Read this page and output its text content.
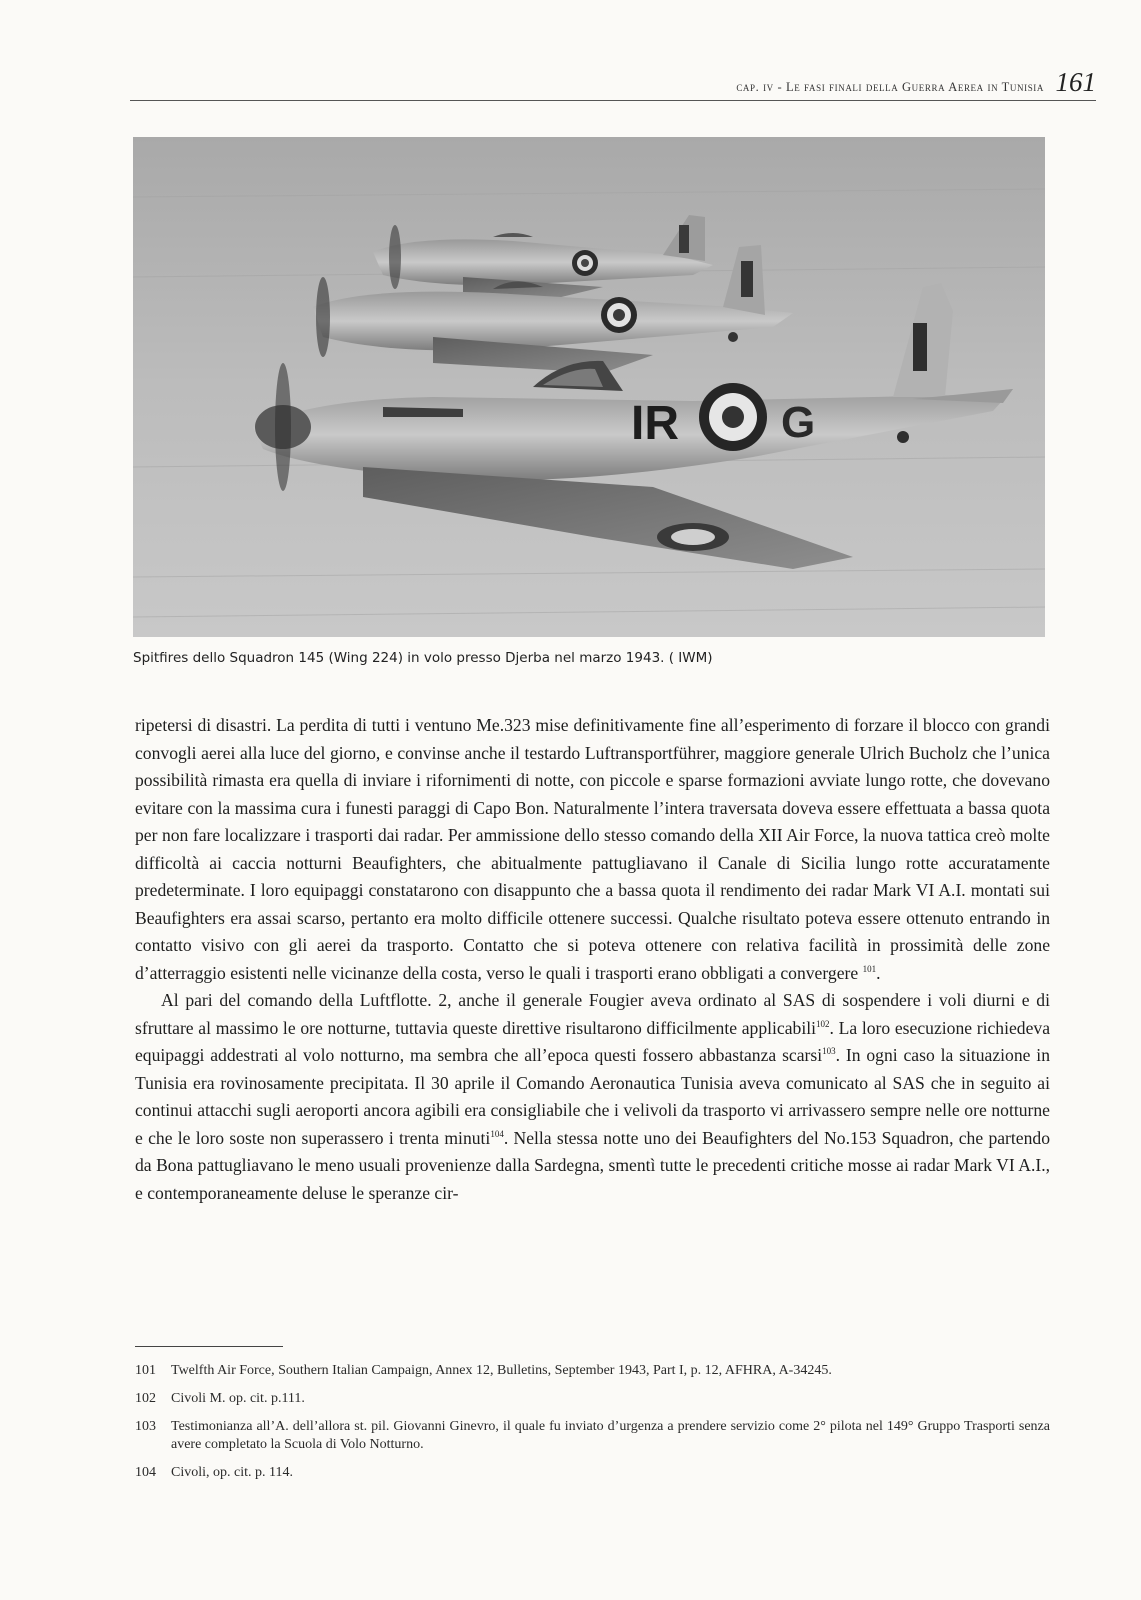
cap. iv - Le fasi finali della Guerra Aerea in Tunisia 161
IR G
Spitfires dello Squadron 145 (Wing 224) in volo presso Djerba nel marzo 1943. ( IWM)

ripetersi di disastri. La perdita di tutti i ventuno Me.323 mise definitivamente fine all’esperimento di forzare il blocco con grandi convogli aerei alla luce del giorno, e convinse anche il testardo Luftransportführer, maggiore generale Ulrich Bucholz che l’unica possibilità rimasta era quella di inviare i rifornimenti di notte, con piccole e sparse formazioni avviate lungo rotte, che dovevano evitare con la massima cura i funesti paraggi di Capo Bon. Naturalmente l’intera traversata doveva essere effettuata a bassa quota per non fare localizzare i trasporti dai radar. Per ammissione dello stesso comando della XII Air Force, la nuova tattica creò molte difficoltà ai caccia notturni Beaufighters, che abitualmente pattugliavano il Canale di Sicilia lungo rotte accuratamente predeterminate. I loro equipaggi constatarono con disappunto che a bassa quota il rendimento dei radar Mark VI A.I. montati sui Beaufighters era assai scarso, pertanto era molto difficile ottenere successi. Qualche risultato poteva essere ottenuto entrando in contatto visivo con gli aerei da trasporto. Contatto che si poteva ottenere con relativa facilità in prossimità delle zone d’atterraggio esistenti nelle vicinanze della costa, verso le quali i trasporti erano obbligati a convergere $^{101}$.

Al pari del comando della Luftflotte. 2, anche il generale Fougier aveva ordinato al SAS di sospendere i voli diurni e di sfruttare al massimo le ore notturne, tuttavia queste direttive risultarono difficilmente applicabili$^{102}$. La loro esecuzione richiedeva equipaggi addestrati al volo notturno, ma sembra che all’epoca questi fossero abbastanza scarsi$^{103}$. In ogni caso la situazione in Tunisia era rovinosamente precipitata. Il 30 aprile il Comando Aeronautica Tunisia aveva comunicato al SAS che in seguito ai continui attacchi sugli aeroporti ancora agibili era consigliabile che i velivoli da trasporto vi arrivassero sempre nelle ore notturne e che le loro soste non superassero i trenta minuti$^{104}$. Nella stessa notte uno dei Beaufighters del No.153 Squadron, che partendo da Bona pattugliavano le meno usuali provenienze dalla Sardegna, smentì tutte le precedenti critiche mosse ai radar Mark VI A.I., e contemporaneamente deluse le speranze cir-

101	Twelfth Air Force, Southern Italian Campaign, Annex 12, Bulletins, September 1943, Part I, p. 12, AFHRA, A-34245.
102	Civoli M. op. cit. p.111.
103	Testimonianza all’A. dell’allora st. pil. Giovanni Ginevro, il quale fu inviato d’urgenza a prendere servizio come 2° pilota nel 149° Gruppo Trasporti senza avere completato la Scuola di Volo Notturno.
104	Civoli, op. cit. p. 114.
